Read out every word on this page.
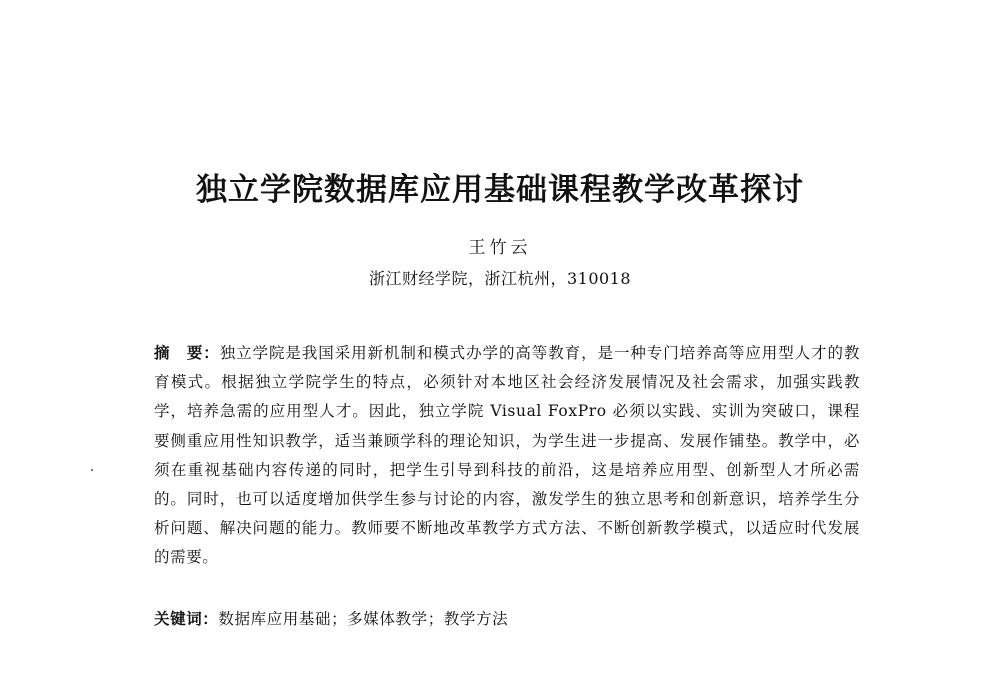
独立学院数据库应用基础课程教学改革探讨
王竹云
浙江财经学院，浙江杭州，310018
摘　要：独立学院是我国采用新机制和模式办学的高等教育，是一种专门培养高等应用型人才的教育模式。根据独立学院学生的特点，必须针对本地区社会经济发展情况及社会需求，加强实践教学，培养急需的应用型人才。因此，独立学院 Visual FoxPro 必须以实践、实训为突破口，课程要侧重应用性知识教学，适当兼顾学科的理论知识，为学生进一步提高、发展作铺垫。教学中，必须在重视基础内容传递的同时，把学生引导到科技的前沿，这是培养应用型、创新型人才所必需的。同时，也可以适度增加供学生参与讨论的内容，激发学生的独立思考和创新意识，培养学生分析问题、解决问题的能力。教师要不断地改革教学方式方法、不断创新教学模式，以适应时代发展的需要。
关键词：数据库应用基础；多媒体教学；教学方法
